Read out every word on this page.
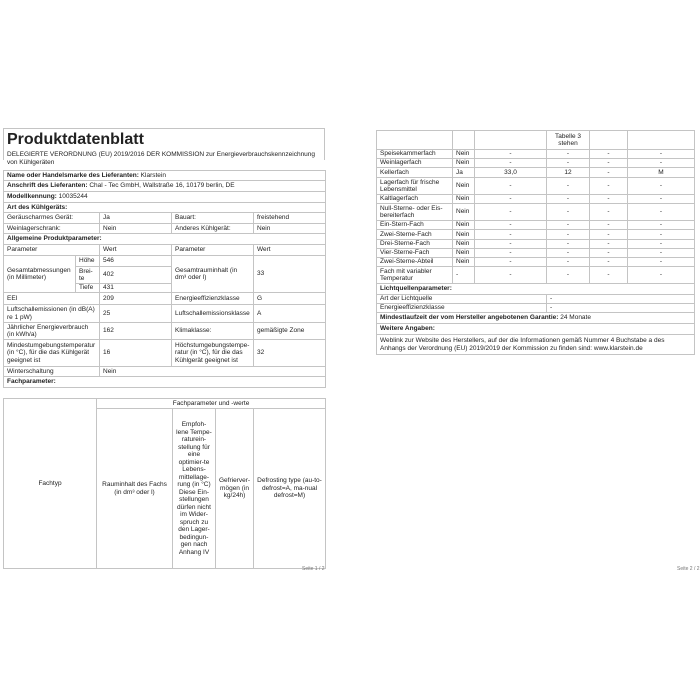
Produktdatenblatt
DELEGIERTE VERORDNUNG (EU) 2019/2016 DER KOMMISSION zur Energieverbrauchskennzeichnung von Kühlgeräten
Name oder Handelsmarke des Lieferanten: Klarstein				
Anschrift des Lieferanten: Chal - Tec GmbH, Wallstraße 16, 10179 berlin, DE				
Modellkennung: 10035244				
Art des Kühlgeräts:				
Geräuscharmes Gerät:		Ja	Bauart:	freistehend
Weinlagerschrank:		Nein	Anderes Kühlgerät:	Nein
Allgemeine Produktparameter:				
Parameter		Wert	Parameter	Wert
Gesamtabmessungen (in Millimeter)	Höhe	546	Gesamtrauminhalt (in dm³ oder l)	33
	Brei-te	402		
	Tiefe	431		
EEI		209	Energieeffizienzklasse	G
Luftschallemissionen (in dB(A) re 1 pW)		25	Luftschallemissionsklasse	A
Jährlicher Energieverbrauch (in kWh/a)		162	Klimaklasse:	gemäßigte Zone
Mindestumgebungstemperatur (in °C), für die das Kühlgerät geeignet ist		16	Höchstumgebungstempe-ratur (in °C), für die das Kühlgerät geeignet ist	32
Winterschaltung		Nein		
Fachparameter:				
Fachtyp	Fachparameter und -werte			
	Rauminhalt des Fachs (in dm³ oder l)	Empfoh-lene Tempe-raturein-stellung für eine optimier-te Lebens-mittellage-rung (in °C) Diese Ein-stellungen dürfen nicht im Wider-spruch zu den Lager-bedingun-gen nach Anhang IV	Gefrierver-mögen (in kg/24h)	Defrosting type (au-to-defrost=A, ma-nual defrost=M)
Seite 1 / 2
			Tabelle 3 stehen		
Speisekammerfach	Nein	-	-	-	-
Weinlagerfach	Nein	-	-	-	-
Kellerfach	Ja	33,0	12	-	M
Lagerfach für frische Lebensmittel	Nein	-	-	-	-
Kaltlagerfach	Nein	-	-	-	-
Null-Sterne- oder Eis-bereiterfach	Nein	-	-	-	-
Ein-Stern-Fach	Nein	-	-	-	-
Zwei-Sterne-Fach	Nein	-	-	-	-
Drei-Sterne-Fach	Nein	-	-	-	-
Vier-Sterne-Fach	Nein	-	-	-	-
Zwei-Sterne-Abteil	Nein	-	-	-	-
Fach mit variabler Temperatur	-	-	-	-	-
Lichtquellenparameter:					
Art der Lichtquelle			-		
Energieeffizienzklasse			-		
Mindestlaufzeit der vom Hersteller angebotenen Garantie: 24 Monate					
Weitere Angaben:					
Weblink zur Website des Herstellers, auf der die Informationen gemäß Nummer 4 Buchstabe a des Anhangs der Verordnung (EU) 2019/2019 der Kommission zu finden sind: www.klarstein.de					
Seite 2 / 2
